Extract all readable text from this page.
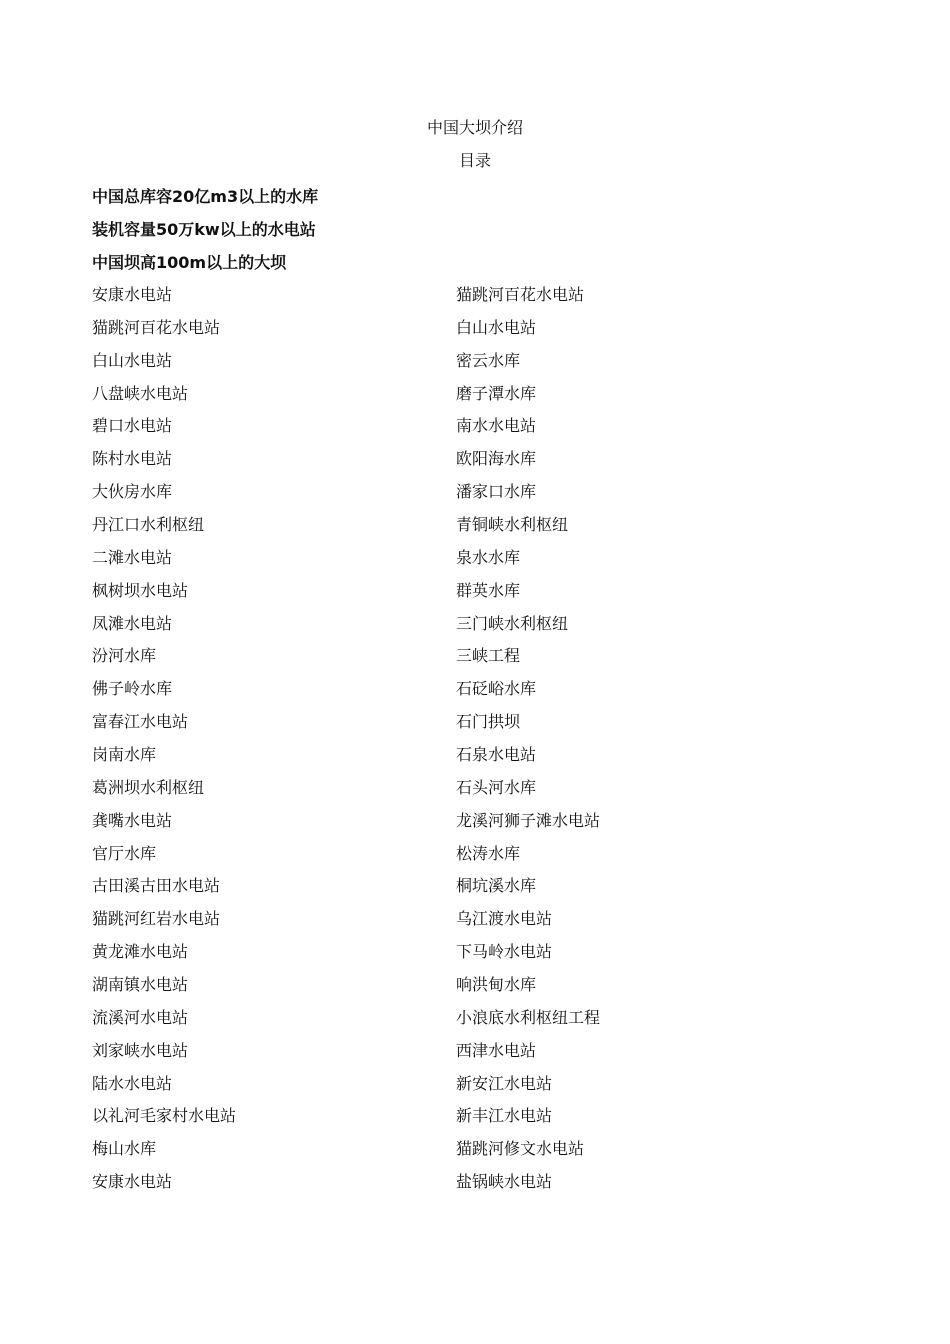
中国大坝介绍
目录
中国总库容20亿m3以上的水库
装机容量50万kw以上的水电站
中国坝高100m以上的大坝
安康水电站
猫跳河百花水电站
白山水电站
八盘峡水电站
碧口水电站
陈村水电站
大伙房水库
丹江口水利枢纽
二滩水电站
枫树坝水电站
凤滩水电站
汾河水库
佛子岭水库
富春江水电站
岗南水库
葛洲坝水利枢纽
龚嘴水电站
官厅水库
古田溪古田水电站
猫跳河红岩水电站
黄龙滩水电站
湖南镇水电站
流溪河水电站
刘家峡水电站
陆水水电站
以礼河毛家村水电站
梅山水库
安康水电站
猫跳河百花水电站
白山水电站
密云水库
磨子潭水库
南水水电站
欧阳海水库
潘家口水库
青铜峡水利枢纽
泉水水库
群英水库
三门峡水利枢纽
三峡工程
石砭峪水库
石门拱坝
石泉水电站
石头河水库
龙溪河狮子滩水电站
松涛水库
桐坑溪水库
乌江渡水电站
下马岭水电站
响洪甸水库
小浪底水利枢纽工程
西津水电站
新安江水电站
新丰江水电站
猫跳河修文水电站
盐锅峡水电站
